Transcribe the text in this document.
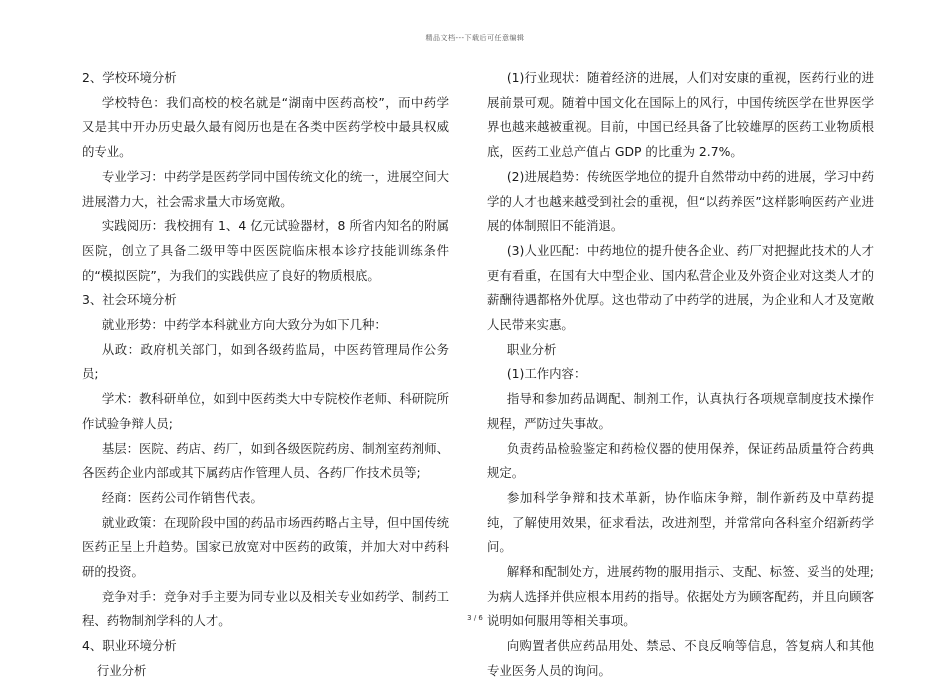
精品文档---下载后可任意编辑

2、学校环境分析

学校特色：我们高校的校名就是“湖南中医药高校”，而中药学又是其中开办历史最久最有阅历也是在各类中医药学校中最具权威的专业。

专业学习：中药学是医药学同中国传统文化的统一，进展空间大进展潜力大，社会需求量大市场宽敞。

实践阅历：我校拥有 1、4 亿元试验器材，8 所省内知名的附属医院，创立了具备二级甲等中医医院临床根本诊疗技能训练条件的“模拟医院”，为我们的实践供应了良好的物质根底。

3、社会环境分析

就业形势：中药学本科就业方向大致分为如下几种：

从政：政府机关部门，如到各级药监局，中医药管理局作公务员;

学术：教科研单位，如到中医药类大中专院校作老师、科研院所作试验争辩人员;

基层：医院、药店、药厂，如到各级医院药房、制剂室药剂师、各医药企业内部或其下属药店作管理人员、各药厂作技术员等;

经商：医药公司作销售代表。

就业政策：在现阶段中国的药品市场西药略占主导，但中国传统医药正呈上升趋势。国家已放宽对中医药的政策，并加大对中药科研的投资。

竞争对手：竞争对手主要为同专业以及相关专业如药学、制药工程、药物制剂学科的人才。

4、职业环境分析

行业分析

(1)行业现状：随着经济的进展，人们对安康的重视，医药行业的进展前景可观。随着中国文化在国际上的风行，中国传统医学在世界医学界也越来越被重视。目前，中国已经具备了比较雄厚的医药工业物质根底，医药工业总产值占 GDP 的比重为 2.7%。

(2)进展趋势：传统医学地位的提升自然带动中药的进展，学习中药学的人才也越来越受到社会的重视，但“以药养医”这样影响医药产业进展的体制照旧不能消退。

(3)人业匹配：中药地位的提升使各企业、药厂对把握此技术的人才更有看重，在国有大中型企业、国内私营企业及外资企业对这类人才的薪酬待遇都格外优厚。这也带动了中药学的进展，为企业和人才及宽敞人民带来实惠。

职业分析

(1)工作内容：

指导和参加药品调配、制剂工作，认真执行各项规章制度技术操作规程，严防过失事故。

负责药品检验鉴定和药检仪器的使用保养，保证药品质量符合药典规定。

参加科学争辩和技术革新，协作临床争辩，制作新药及中草药提纯，了解使用效果，征求看法，改进剂型，并常常向各科室介绍新药学问。

解释和配制处方，进展药物的服用指示、支配、标签、妥当的处理;为病人选择并供应根本用药的指导。依据处方为顾客配药，并且向顾客说明如何服用等相关事项。

向购置者供应药品用处、禁忌、不良反响等信息，答复病人和其他专业医务人员的询问。

3 / 6
